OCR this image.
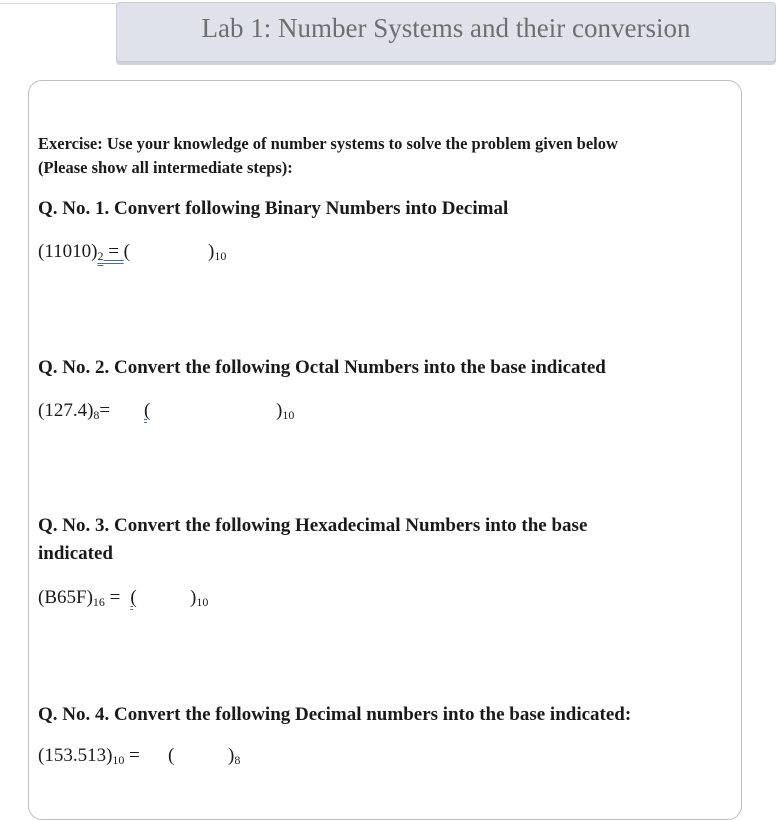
Lab 1: Number Systems and their conversion
Exercise: Use your knowledge of number systems to solve the problem given below
(Please show all intermediate steps):
Q. No. 1. Convert following Binary Numbers into Decimal
$(11010)_2$ = (	)$_{10}$
Q. No. 2. Convert the following Octal Numbers into the base indicated
$(127.4)_8=$	(	)$_{10}$
Q. No. 3. Convert the following Hexadecimal Numbers into the base
indicated
$(B65F)_{16}$ = (	)$_{10}$
Q. No. 4. Convert the following Decimal numbers into the base indicated:
$(153.513)_{10}$ = (	)$_8$
